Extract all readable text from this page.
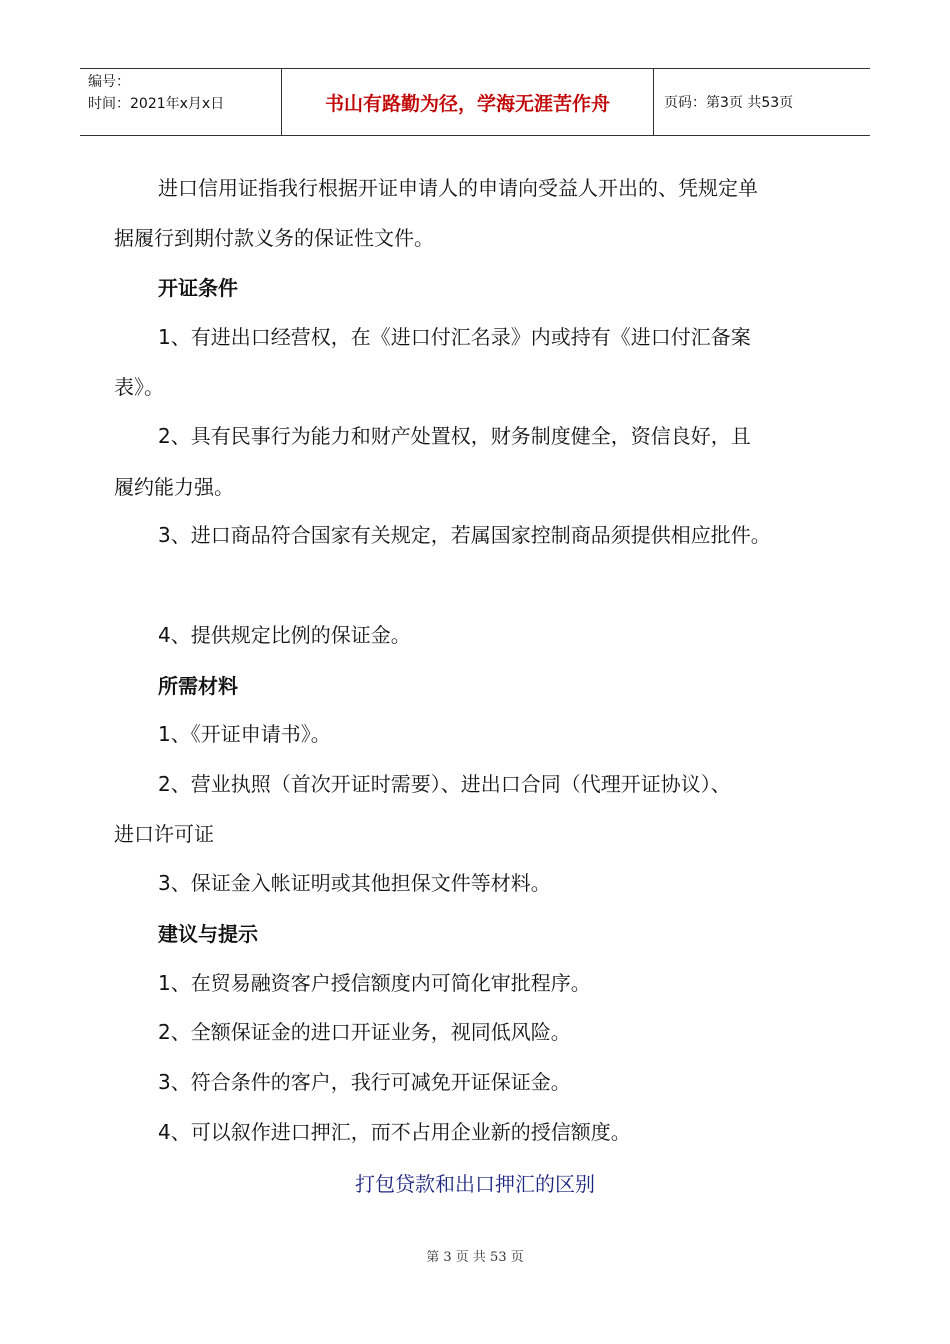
编号：
时间：2021年x月x日	书山有路勤为径，学海无涯苦作舟	页码：第3页 共53页
进口信用证指我行根据开证申请人的申请向受益人开出的、凭规定单
据履行到期付款义务的保证性文件。
开证条件
1、有进出口经营权，在《进口付汇名录》内或持有《进口付汇备案
表》。
2、具有民事行为能力和财产处置权，财务制度健全，资信良好，且
履约能力强。
3、进口商品符合国家有关规定，若属国家控制商品须提供相应批件。
4、提供规定比例的保证金。
所需材料
1、《开证申请书》。
2、营业执照（首次开证时需要）、进出口合同（代理开证协议）、
进口许可证
3、保证金入帐证明或其他担保文件等材料。
建议与提示
1、在贸易融资客户授信额度内可简化审批程序。
2、全额保证金的进口开证业务，视同低风险。
3、符合条件的客户，我行可减免开证保证金。
4、可以叙作进口押汇，而不占用企业新的授信额度。
打包贷款和出口押汇的区别
第 3 页 共 53 页
